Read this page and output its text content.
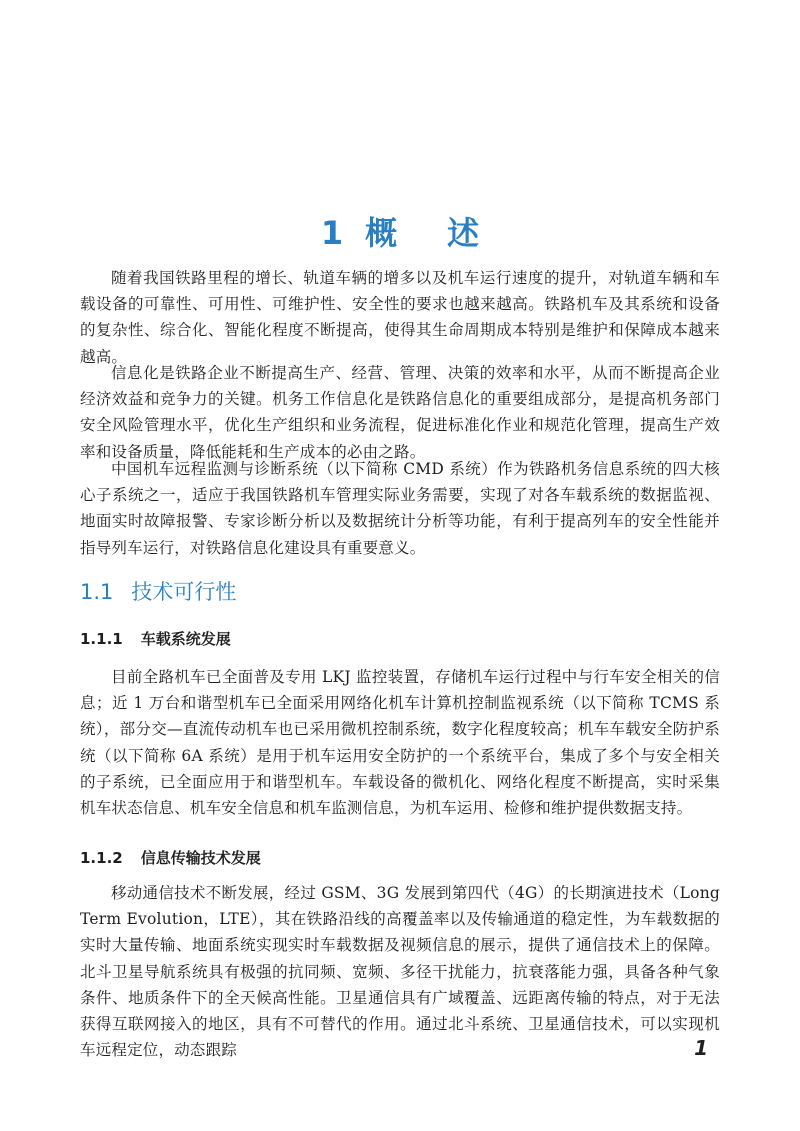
1 概 述

随着我国铁路里程的增长、轨道车辆的增多以及机车运行速度的提升，对轨道车辆和车载设备的可靠性、可用性、可维护性、安全性的要求也越来越高。铁路机车及其系统和设备的复杂性、综合化、智能化程度不断提高，使得其生命周期成本特别是维护和保障成本越来越高。

信息化是铁路企业不断提高生产、经营、管理、决策的效率和水平，从而不断提高企业经济效益和竞争力的关键。机务工作信息化是铁路信息化的重要组成部分，是提高机务部门安全风险管理水平，优化生产组织和业务流程，促进标准化作业和规范化管理，提高生产效率和设备质量，降低能耗和生产成本的必由之路。

中国机车远程监测与诊断系统（以下简称 CMD 系统）作为铁路机务信息系统的四大核心子系统之一，适应于我国铁路机车管理实际业务需要，实现了对各车载系统的数据监视、地面实时故障报警、专家诊断分析以及数据统计分析等功能，有利于提高列车的安全性能并指导列车运行，对铁路信息化建设具有重要意义。

1.1 技术可行性
1.1.1 车载系统发展

目前全路机车已全面普及专用 LKJ 监控装置，存储机车运行过程中与行车安全相关的信息；近 1 万台和谐型机车已全面采用网络化机车计算机控制监视系统（以下简称 TCMS 系统），部分交—直流传动机车也已采用微机控制系统，数字化程度较高；机车车载安全防护系统（以下简称 6A 系统）是用于机车运用安全防护的一个系统平台，集成了多个与安全相关的子系统，已全面应用于和谐型机车。车载设备的微机化、网络化程度不断提高，实时采集机车状态信息、机车安全信息和机车监测信息，为机车运用、检修和维护提供数据支持。

1.1.2 信息传输技术发展

移动通信技术不断发展，经过 GSM、3G 发展到第四代（4G）的长期演进技术（Long Term Evolution，LTE），其在铁路沿线的高覆盖率以及传输通道的稳定性，为车载数据的实时大量传输、地面系统实现实时车载数据及视频信息的展示，提供了通信技术上的保障。北斗卫星导航系统具有极强的抗同频、宽频、多径干扰能力，抗衰落能力强，具备各种气象条件、地质条件下的全天候高性能。卫星通信具有广域覆盖、远距离传输的特点，对于无法获得互联网接入的地区，具有不可替代的作用。通过北斗系统、卫星通信技术，可以实现机车远程定位，动态跟踪	1
